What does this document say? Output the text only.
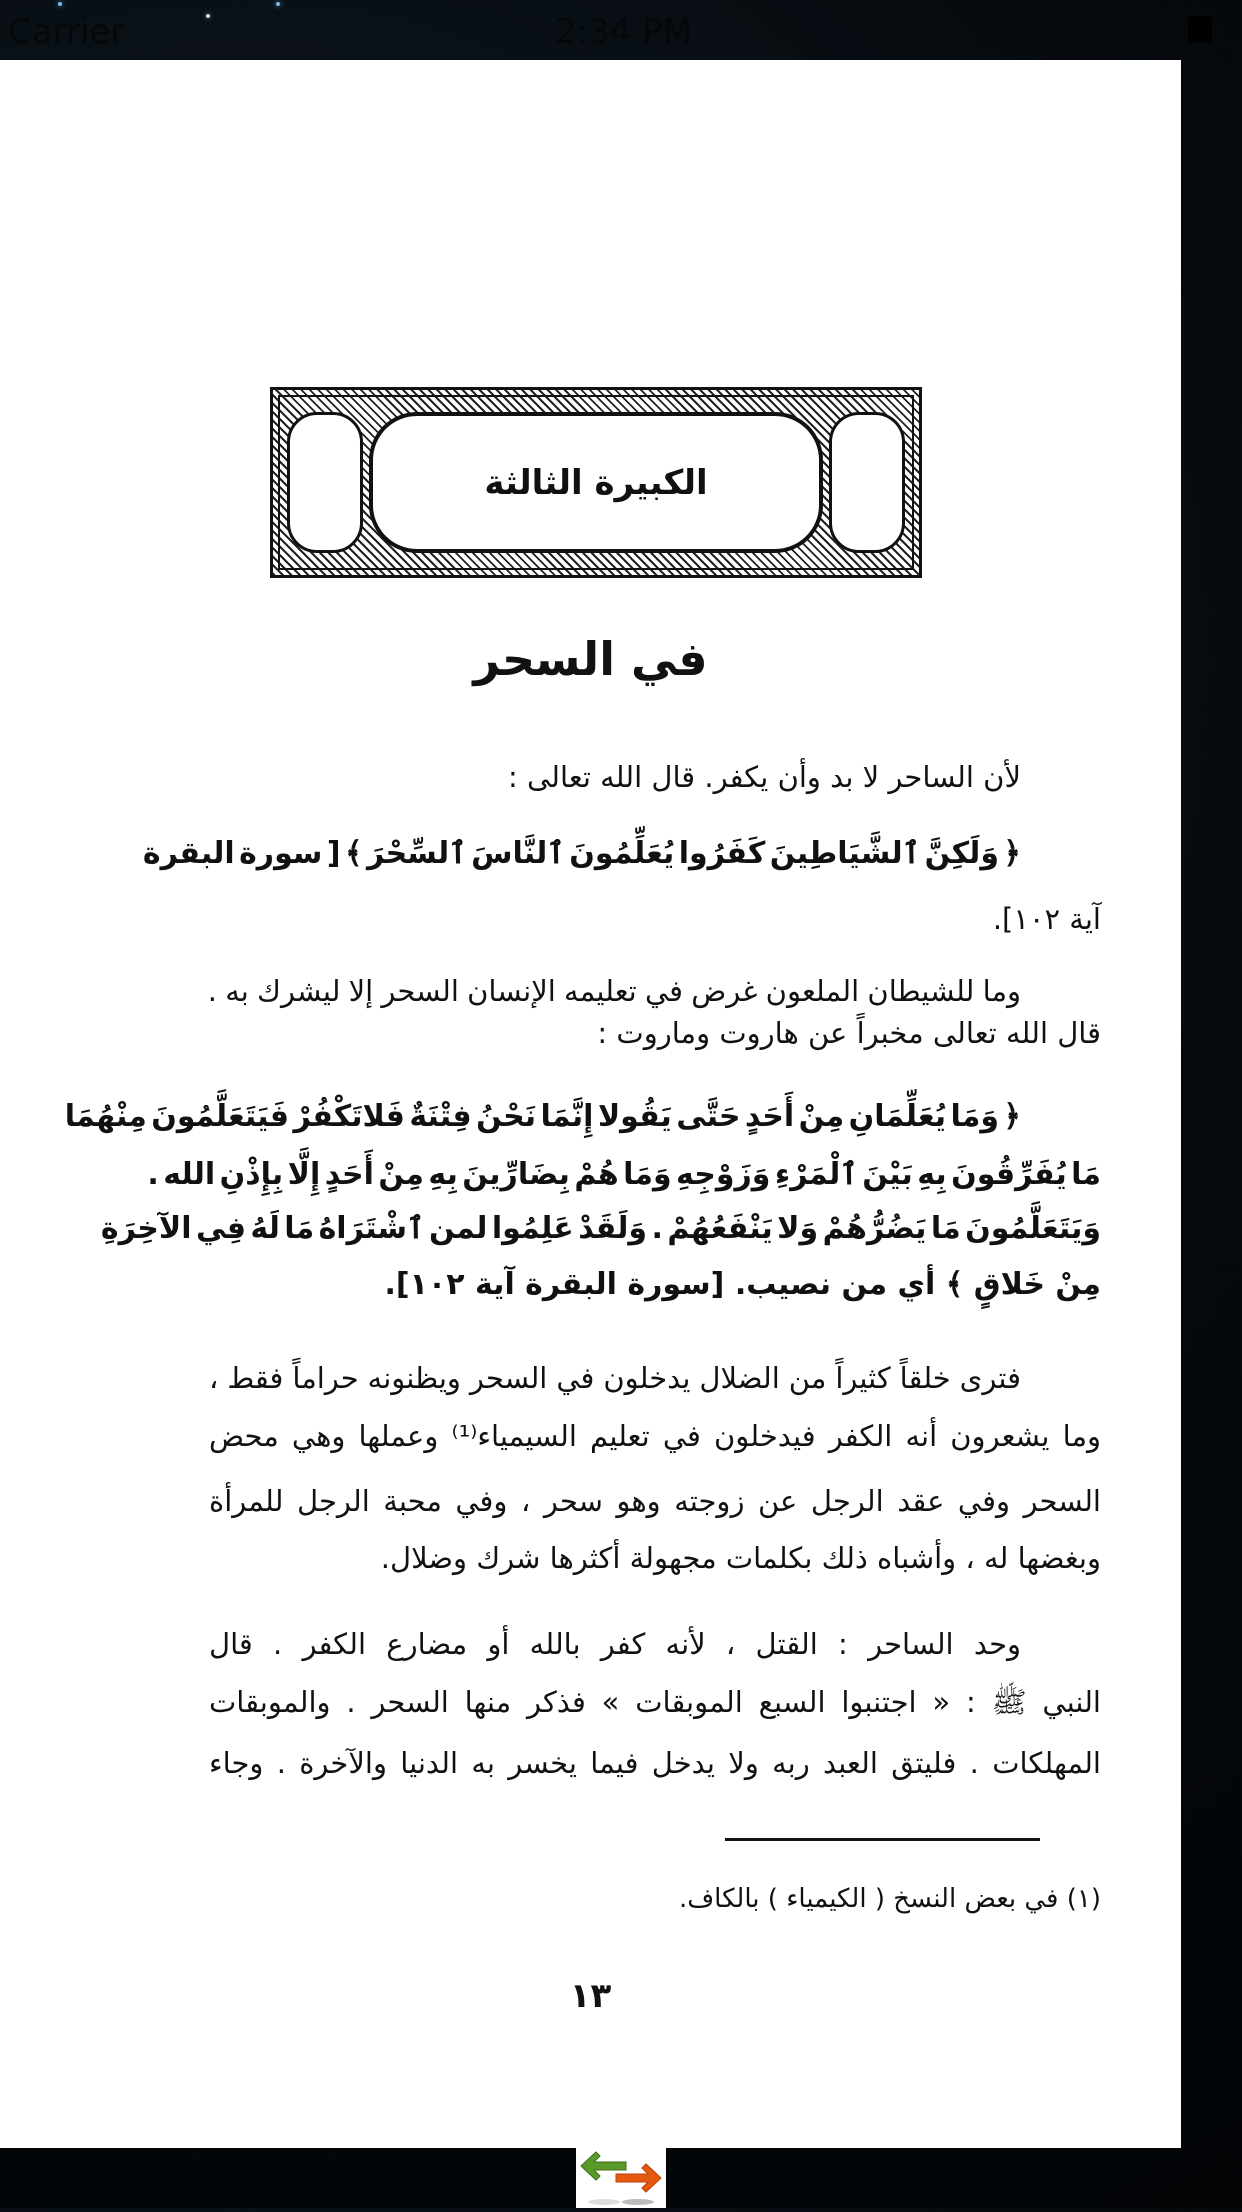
Carrier	2:34 PM
الكبيرة الثالثة
في السحر
لأن الساحر لا بد وأن يكفر. قال الله تعالى :
﴿ وَلَكِنَّ ٱلشَّيَاطِينَ كَفَرُوا يُعَلِّمُونَ ٱلنَّاسَ ٱلسِّحْرَ ﴾ [ سورة البقرة
آية ١٠٢].
وما للشيطان الملعون غرض في تعليمه الإنسان السحر إلا ليشرك به .
قال الله تعالى مخبراً عن هاروت وماروت :
﴿ وَمَا يُعَلِّمَانِ مِنْ أَحَدٍ حَتَّى يَقُولا إِنَّمَا نَحْنُ فِتْنَةٌ فَلاتَكْفُرْ فَيَتَعَلَّمُونَ مِنْهُمَا
مَا يُفَرِّقُونَ بِهِ بَيْنَ ٱلْمَرْءِ وَزَوْجِهِ وَمَا هُمْ بِضَارِّينَ بِهِ مِنْ أَحَدٍ إِلَّا بِإِذْنِ الله .
وَيَتَعَلَّمُونَ مَا يَضُرُّهُمْ وَلا يَنْفَعُهُمْ . وَلَقَدْ عَلِمُوا لمن ٱشْتَرَاهُ مَا لَهُ فِي الآخِرَةِ
مِنْ خَلاقٍ ﴾ أي من نصيب. [سورة البقرة آية ١٠٢].
فترى خلقاً كثيراً من الضلال يدخلون في السحر ويظنونه حراماً فقط ،
وما يشعرون أنه الكفر فيدخلون في تعليم السيمياء⁽¹⁾ وعملها وهي محض
السحر وفي عقد الرجل عن زوجته وهو سحر ، وفي محبة الرجل للمرأة
وبغضها له ، وأشباه ذلك بكلمات مجهولة أكثرها شرك وضلال.
وحد الساحر : القتل ، لأنه كفر بالله أو مضارع الكفر . قال
النبي ﷺ : « اجتنبوا السبع الموبقات » فذكر منها السحر . والموبقات
المهلكات . فليتق العبد ربه ولا يدخل فيما يخسر به الدنيا والآخرة . وجاء
(١) في بعض النسخ ( الكيمياء ) بالكاف.
١٣
